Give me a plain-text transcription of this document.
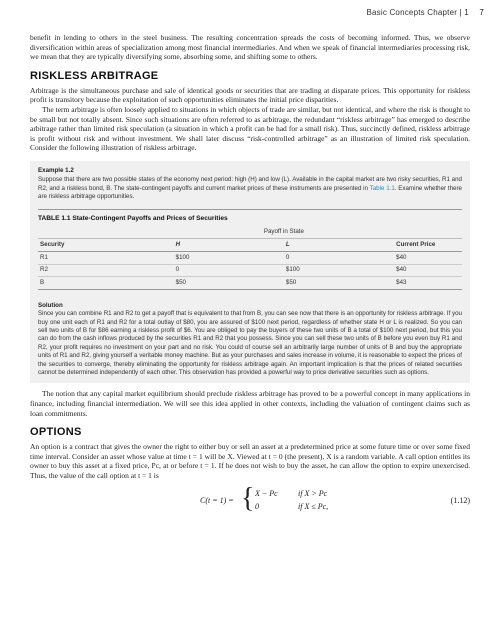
Basic Concepts Chapter | 1 7

benefit in lending to others in the steel business. The resulting concentration spreads the costs of becoming informed. Thus, we observe diversification within areas of specialization among most financial intermediaries. And when we speak of financial intermediaries processing risk, we mean that they are typically diversifying some, absorbing some, and shifting some to others.

RISKLESS ARBITRAGE

Arbitrage is the simultaneous purchase and sale of identical goods or securities that are trading at disparate prices. This opportunity for riskless profit is transitory because the exploitation of such opportunities eliminates the initial price disparities.

The term arbitrage is often loosely applied to situations in which objects of trade are similar, but not identical, and where the risk is thought to be small but not totally absent. Since such situations are often referred to as arbitrage, the redundant “riskless arbitrage” has emerged to describe arbitrage rather than limited risk speculation (a situation in which a profit can be had for a small risk). Thus, succinctly defined, riskless arbitrage is profit without risk and without investment. We shall later discuss “risk-controlled arbitrage” as an illustration of limited risk speculation. Consider the following illustration of riskless arbitrage.

Example 1.2
Suppose that there are two possible states of the economy next period: high (H) and low (L). Available in the capital market are two risky securities, R1 and R2, and a riskless bond, B. The state-contingent payoffs and current market prices of these instruments are presented in Table 1.1. Examine whether there are riskless arbitrage opportunities.
TABLE 1.1 State-Contingent Payoffs and Prices of Securities
	Payoff in State		
Security	H	L	Current Price
R1	$100	0	$40
R2	0	$100	$40
B	$50	$50	$43
Solution
Since you can combine R1 and R2 to get a payoff that is equivalent to that from B, you can see now that there is an opportunity for riskless arbitrage. If you buy one unit each of R1 and R2 for a total outlay of $80, you are assured of $100 next period, regardless of whether state H or L is realized. So you can sell two units of B for $86 earning a riskless profit of $6. You are obliged to pay the buyers of these two units of B a total of $100 next period, but this you can do from the cash inflows produced by the securities R1 and R2 that you possess. Since you can sell these two units of B before you even buy R1 and R2, your profit requires no investment on your part and no risk. You could of course sell an arbitrarily large number of units of B and buy the appropriate units of R1 and R2, giving yourself a veritable money machine. But as your purchases and sales increase in volume, it is reasonable to expect the prices of the securities to converge, thereby eliminating the opportunity for riskless arbitrage again. An important implication is that the prices of related securities cannot be determined independently of each other. This observation has provided a powerful way to price derivative securities such as options.

The notion that any capital market equilibrium should preclude riskless arbitrage has proved to be a powerful concept in many applications in finance, including financial intermediation. We will see this idea applied in other contexts, including the valuation of contingent claims such as loan commitments.

OPTIONS

An option is a contract that gives the owner the right to either buy or sell an asset at a predetermined price at some future time or over some fixed time interval. Consider an asset whose value at time t = 1 will be X. Viewed at t = 0 (the present), X is a random variable. A call option entitles its owner to buy this asset at a fixed price, Pc, at or before t = 1. If he does not wish to buy the asset, he can allow the option to expire unexercised. Thus, the value of the call option at t = 1 is

C(t = 1) = { X − Pc	if X > Pc
0	if X ≤ Pc,
(1.12)
